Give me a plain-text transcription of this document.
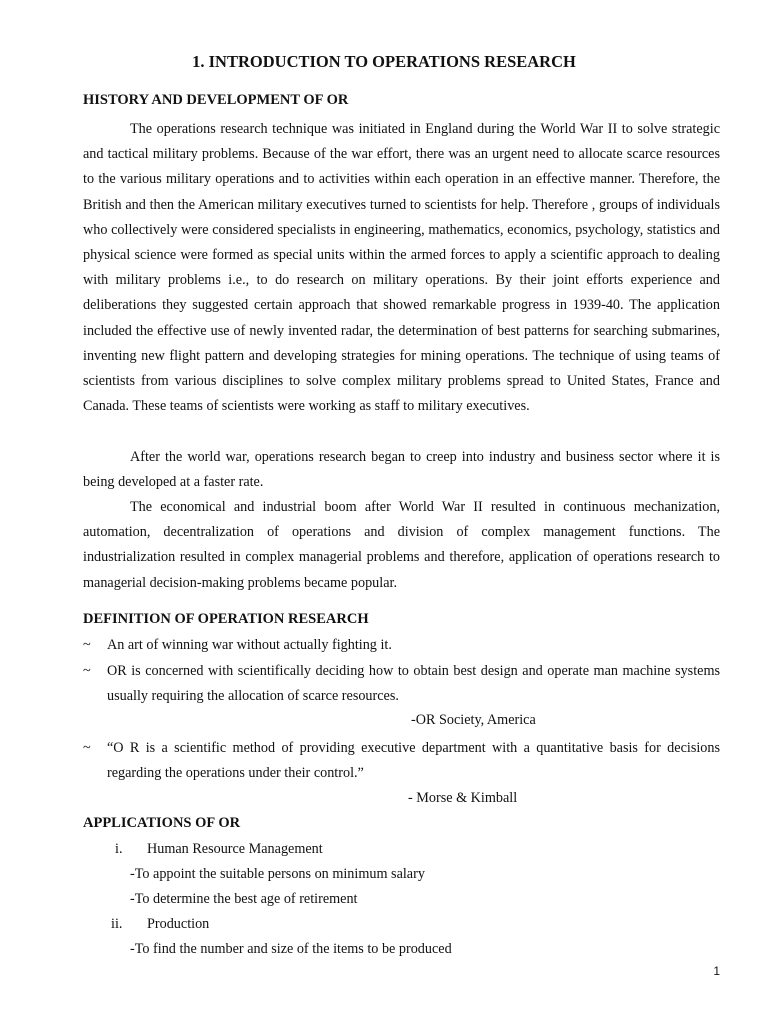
1. INTRODUCTION TO OPERATIONS RESEARCH
HISTORY AND DEVELOPMENT OF OR

The operations research technique was initiated in England during the World War II to solve strategic and tactical military problems. Because of the war effort, there was an urgent need to allocate scarce resources to the various military operations and to activities within each operation in an effective manner. Therefore, the British and then the American military executives turned to scientists for help. Therefore , groups of individuals who collectively were considered specialists in engineering, mathematics, economics, psychology, statistics and physical science were formed as special units within the armed forces to apply a scientific approach to dealing with military problems i.e., to do research on military operations. By their joint efforts experience and deliberations they suggested certain approach that showed remarkable progress in 1939-40. The application included the effective use of newly invented radar, the determination of best patterns for searching submarines, inventing new flight pattern and developing strategies for mining operations. The technique of using teams of scientists from various disciplines to solve complex military problems spread to United States, France and Canada. These teams of scientists were working as staff to military executives.

After the world war, operations research began to creep into industry and business sector where it is being developed at a faster rate.

The economical and industrial boom after World War II resulted in continuous mechanization, automation, decentralization of operations and division of complex management functions. The industrialization resulted in complex managerial problems and therefore, application of operations research to managerial decision-making problems became popular.

DEFINITION OF OPERATION RESEARCH
~ An art of winning war without actually fighting it.
~ OR is concerned with scientifically deciding how to obtain best design and operate man machine systems usually requiring the allocation of scarce resources.

-OR Society, America

~ “O R is a scientific method of providing executive department with a quantitative basis for decisions regarding the operations under their control.”

- Morse & Kimball

APPLICATIONS OF OR

i. Human Resource Management

-To appoint the suitable persons on minimum salary

-To determine the best age of retirement

ii. Production

-To find the number and size of the items to be produced

1
